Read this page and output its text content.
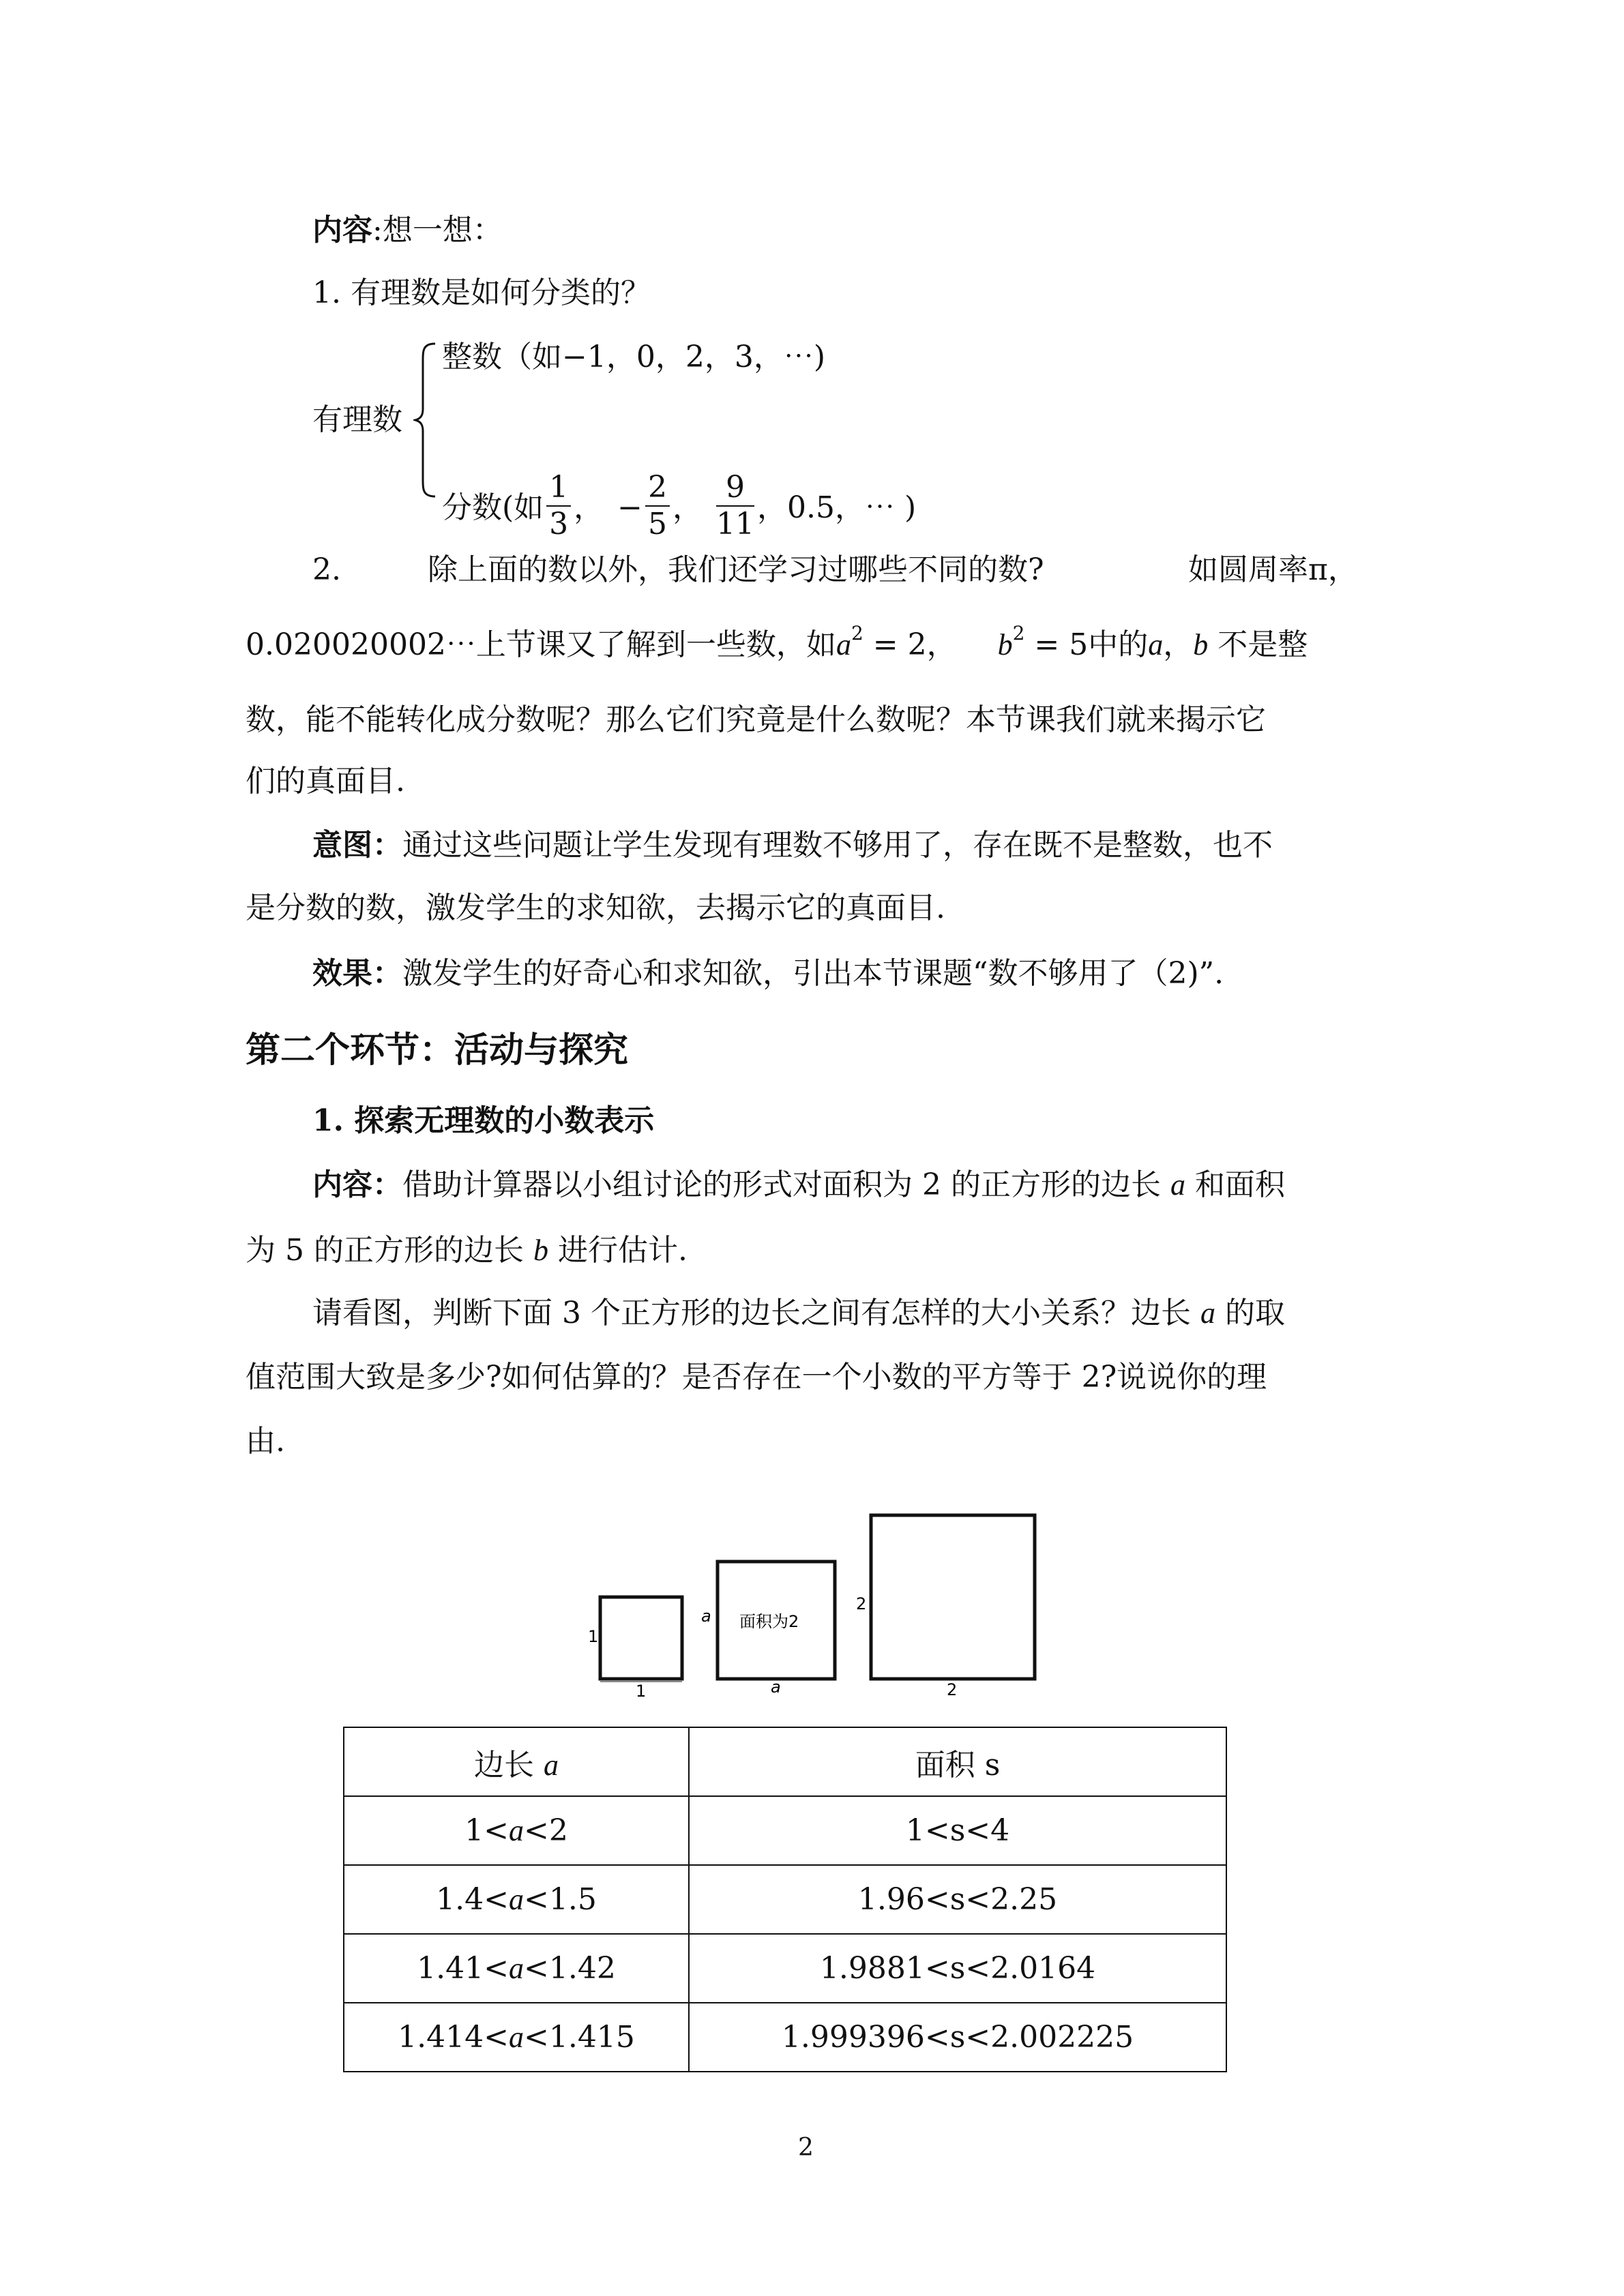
内容:想一想：
1. 有理数是如何分类的？
有理数
整数（如−1，0，2，3，⋯)
分数(如 $\frac{1}{3}$ ， − $\frac{2}{5}$ ， $\frac{9}{11}$ ，0.5，⋯ )
2.	除上面的数以外，我们还学习过哪些不同的数?	如圆周率π，
0.020020002⋯上节课又了解到一些数，如$a^2 = 2$， $b^2 = 5$中的a，b 不是整
数，能不能转化成分数呢？那么它们究竟是什么数呢？本节课我们就来揭示它
们的真面目.
意图：通过这些问题让学生发现有理数不够用了，存在既不是整数，也不
是分数的数，激发学生的求知欲，去揭示它的真面目.
效果：激发学生的好奇心和求知欲，引出本节课题“数不够用了（2)”.
第二个环节：活动与探究
1. 探索无理数的小数表示
内容：借助计算器以小组讨论的形式对面积为 2 的正方形的边长 a 和面积
为 5 的正方形的边长 b 进行估计.
请看图，判断下面 3 个正方形的边长之间有怎样的大小关系？边长 a 的取
值范围大致是多少?如何估算的？是否存在一个小数的平方等于 2?说说你的理
由.
1
1
a
a
面积为2
2
2
边长 a	面积 s
1<a<2	1<s<4
1.4<a<1.5	1.96<s<2.25
1.41<a<1.42	1.9881<s<2.0164
1.414<a<1.415	1.999396<s<2.002225
2
